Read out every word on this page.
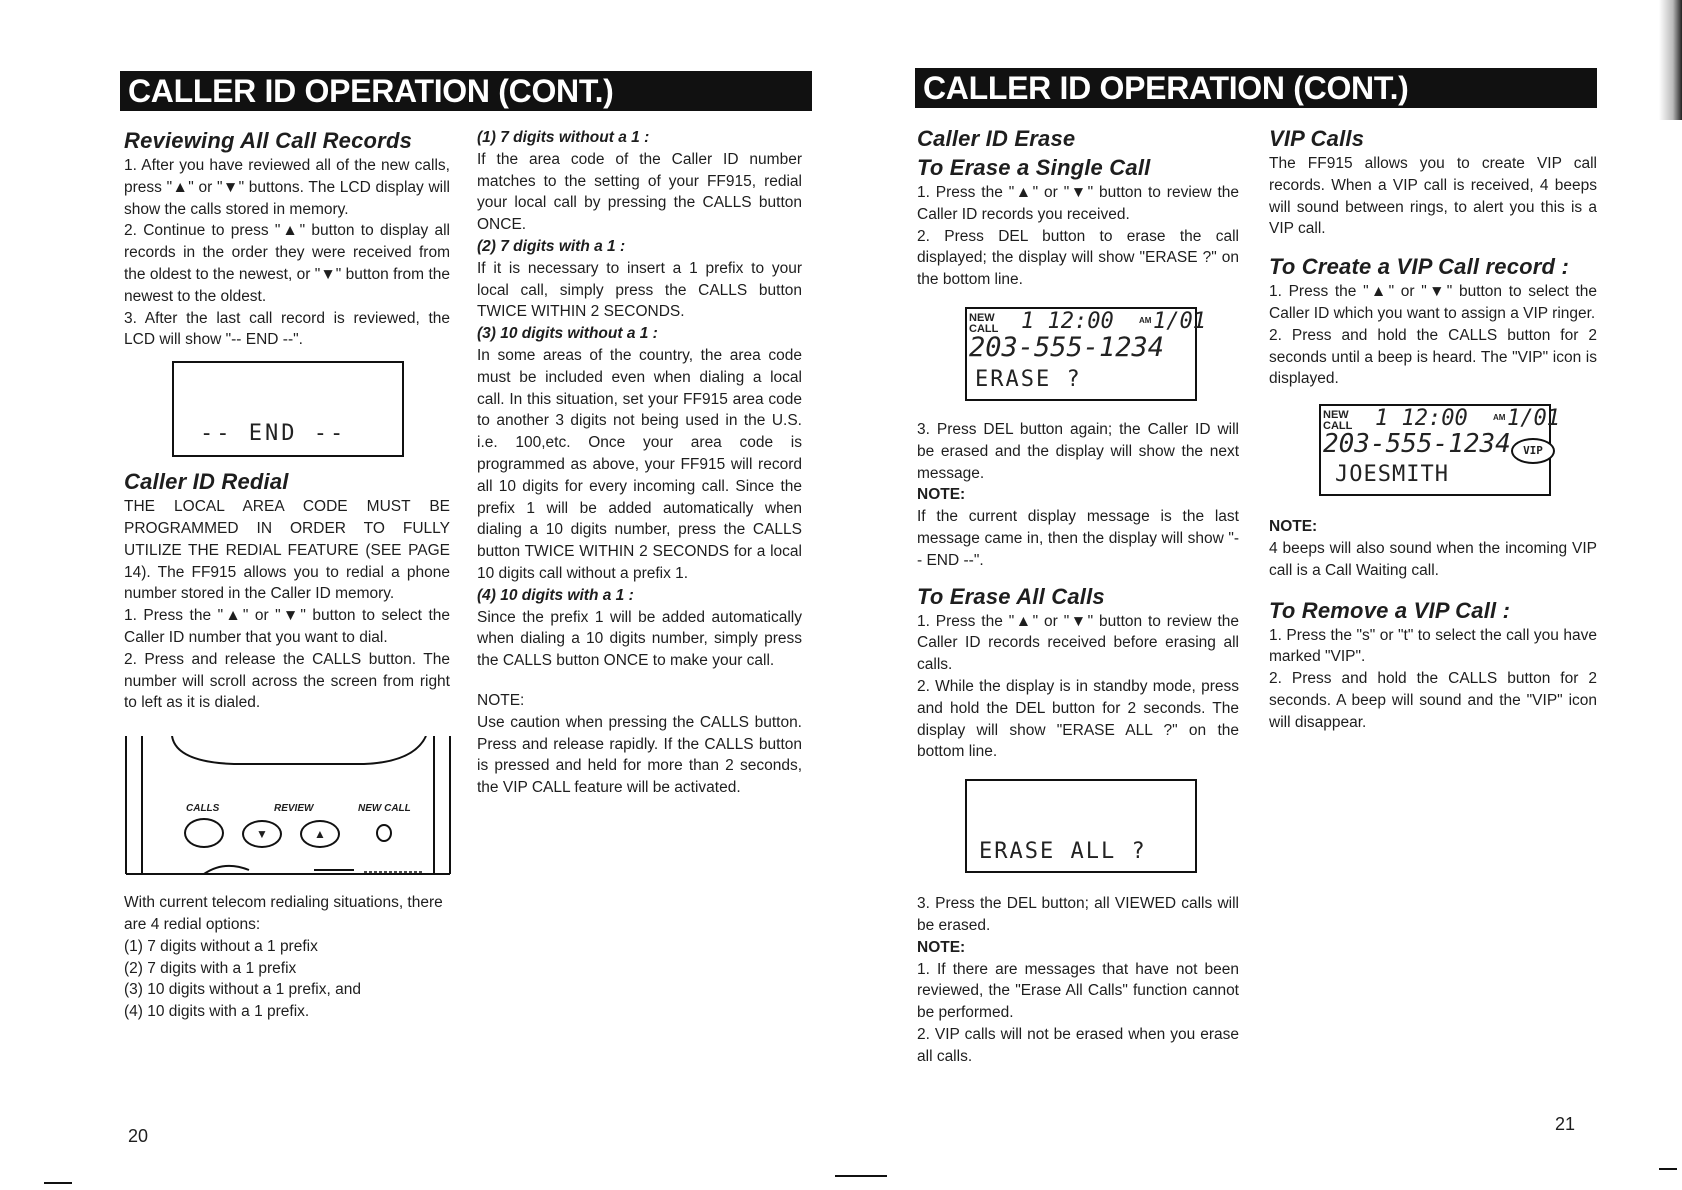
CALLER ID OPERATION (CONT.)
Reviewing All Call Records

1. After you have reviewed all of the new calls, press "▲" or "▼" buttons. The LCD display will show the calls stored in memory.

2. Continue to press "▲" button to display all records in the order they were received from the oldest to the newest, or "▼" button from the newest to the oldest.

3. After the last call record is reviewed, the LCD will show "-- END --".

-- END --
Caller ID Redial

THE LOCAL AREA CODE MUST BE PROGRAMMED IN ORDER TO FULLY UTILIZE THE REDIAL FEATURE (SEE PAGE 14). The FF915 allows you to redial a phone number stored in the Caller ID memory.

1. Press the "▲" or "▼" button to select the Caller ID number that you want to dial.

2. Press and release the CALLS button. The number will scroll across the screen from right to left as it is dialed.

CALLS	REVIEW	NEW CALL
▼	▲

With current telecom redialing situations, there are 4 redial options:

(1) 7 digits without a 1 prefix

(2) 7 digits with a 1 prefix

(3) 10 digits without a 1 prefix, and

(4) 10 digits with a 1 prefix.

(1) 7 digits without a 1 :

If the area code of the Caller ID number matches to the setting of your FF915, redial your local call by pressing the CALLS button ONCE.

(2) 7 digits with a 1 :

If it is necessary to insert a 1 prefix to your local call, simply press the CALLS button TWICE WITHIN 2 SECONDS.

(3) 10 digits without a 1 :

In some areas of the country, the area code must be included even when dialing a local call. In this situation, set your FF915 area code to another 3 digits not being used in the U.S. i.e. 100,etc. Once your area code is programmed as above, your FF915 will record all 10 digits for every incoming call. Since the prefix 1 will be added automatically when dialing a 10 digits number, press the CALLS button TWICE WITHIN 2 SECONDS for a local 10 digits call without a prefix 1.

(4) 10 digits with a 1 :

Since the prefix 1 will be added automatically when dialing a 10 digits number, simply press the CALLS button ONCE to make your call.

NOTE:

Use caution when pressing the CALLS button. Press and release rapidly. If the CALLS button is pressed and held for more than 2 seconds, the VIP CALL feature will be activated.

20
CALLER ID OPERATION (CONT.)
Caller ID Erase
To Erase a Single Call

1. Press the "▲" or "▼" button to review the Caller ID records you received.

2. Press DEL button to erase the call displayed; the display will show "ERASE ?" on the bottom line.

NEW CALL 1 12:00	AM 1/01
203-555-1234
ERASE ?

3. Press DEL button again; the Caller ID will be erased and the display will show the next message.

NOTE:

If the current display message is the last message came in, then the display will show "-- END --".

To Erase All Calls

1. Press the "▲" or "▼" button to review the Caller ID records received before erasing all calls.

2. While the display is in standby mode, press and hold the DEL button for 2 seconds. The display will show "ERASE ALL ?" on the bottom line.

ERASE ALL ?

3. Press the DEL button; all VIEWED calls will be erased.

NOTE:

1. If there are messages that have not been reviewed, the "Erase All Calls" function cannot be performed.

2. VIP calls will not be erased when you erase all calls.

VIP Calls

The FF915 allows you to create VIP call records. When a VIP call is received, 4 beeps will sound between rings, to alert you this is a VIP call.

To Create a VIP Call record :

1. Press the "▲" or "▼" button to select the Caller ID which you want to assign a VIP ringer.

2. Press and hold the CALLS button for 2 seconds until a beep is heard. The "VIP" icon is displayed.

NEW CALL 1 12:00	AM 1/01
203-555-1234	VIP
JOESMITH
NOTE:

4 beeps will also sound when the incoming VIP call is a Call Waiting call.

To Remove a VIP Call :

1. Press the "s" or "t" to select the call you have marked "VIP".

2. Press and hold the CALLS button for 2 seconds. A beep will sound and the "VIP" icon will disappear.

21
